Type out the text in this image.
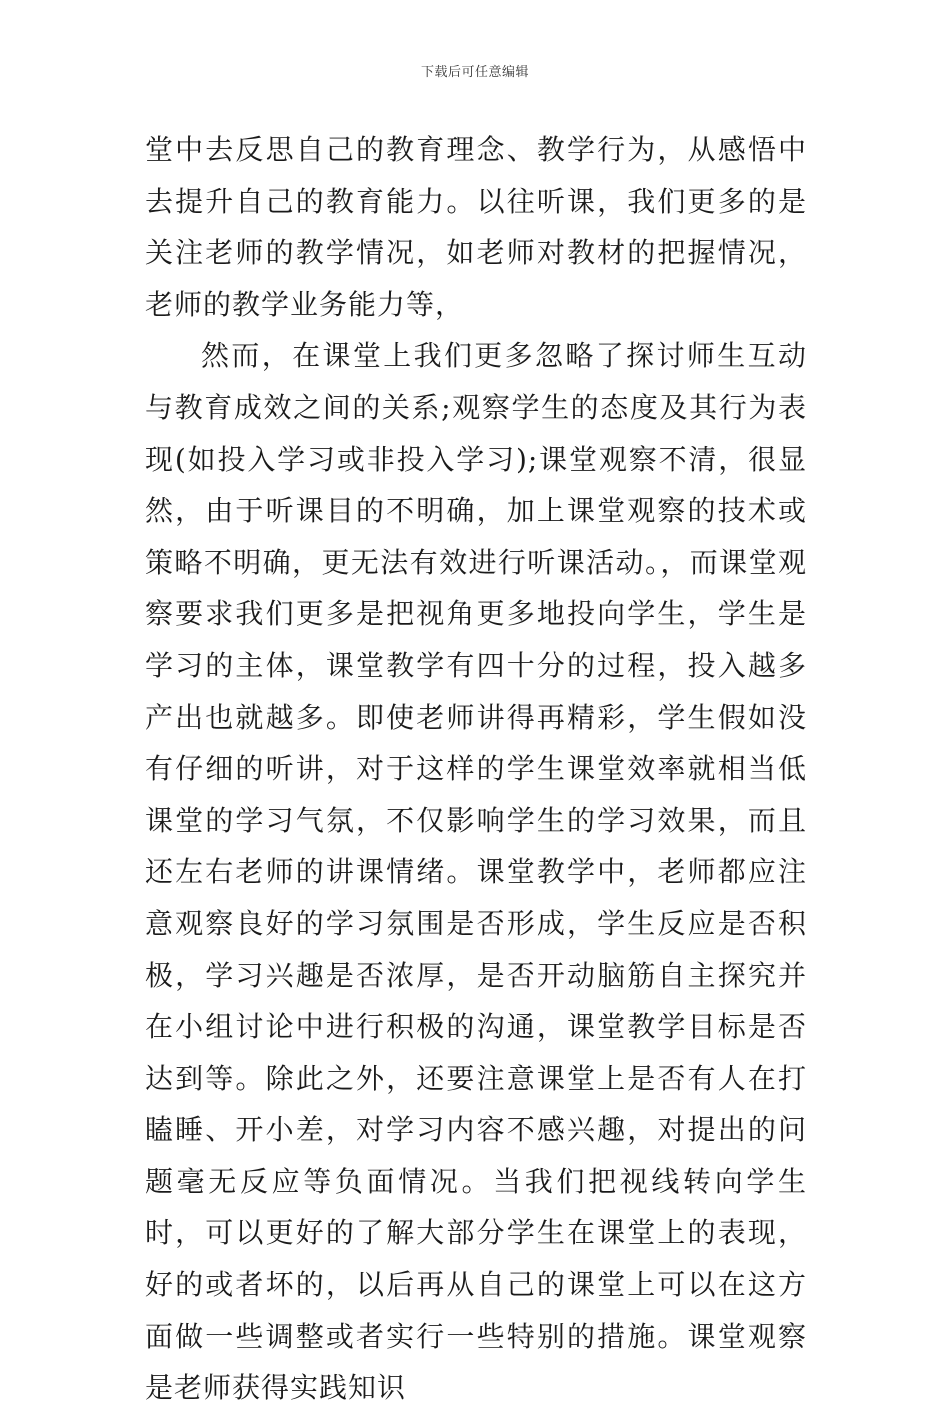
下载后可任意编辑

堂中去反思自己的教育理念、教学行为，从感悟中去提升自己的教育能力。以往听课，我们更多的是关注老师的教学情况，如老师对教材的把握情况，老师的教学业务能力等，

然而，在课堂上我们更多忽略了探讨师生互动与教育成效之间的关系;观察学生的态度及其行为表现(如投入学习或非投入学习);课堂观察不清，很显然，由于听课目的不明确，加上课堂观察的技术或策略不明确，更无法有效进行听课活动。，而课堂观察要求我们更多是把视角更多地投向学生，学生是学习的主体，课堂教学有四十分的过程，投入越多产出也就越多。即使老师讲得再精彩，学生假如没有仔细的听讲，对于这样的学生课堂效率就相当低课堂的学习气氛，不仅影响学生的学习效果，而且还左右老师的讲课情绪。课堂教学中，老师都应注意观察良好的学习氛围是否形成，学生反应是否积极，学习兴趣是否浓厚，是否开动脑筋自主探究并在小组讨论中进行积极的沟通，课堂教学目标是否达到等。除此之外，还要注意课堂上是否有人在打瞌睡、开小差，对学习内容不感兴趣，对提出的问题毫无反应等负面情况。当我们把视线转向学生时，可以更好的了解大部分学生在课堂上的表现，好的或者坏的，以后再从自己的课堂上可以在这方面做一些调整或者实行一些特别的措施。课堂观察是老师获得实践知识
